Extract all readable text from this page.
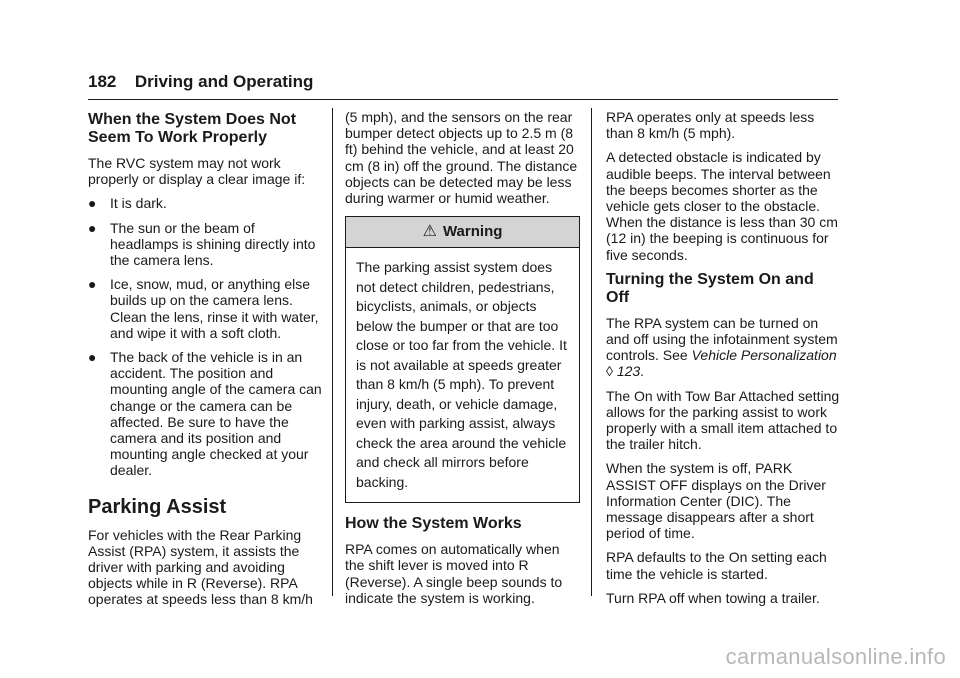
182 Driving and Operating
When the System Does Not Seem To Work Properly

The RVC system may not work properly or display a clear image if:

● It is dark.
● The sun or the beam of headlamps is shining directly into the camera lens.
● Ice, snow, mud, or anything else builds up on the camera lens. Clean the lens, rinse it with water, and wipe it with a soft cloth.
● The back of the vehicle is in an accident. The position and mounting angle of the camera can change or the camera can be affected. Be sure to have the camera and its position and mounting angle checked at your dealer.
Parking Assist

For vehicles with the Rear Parking Assist (RPA) system, it assists the driver with parking and avoiding objects while in R (Reverse). RPA operates at speeds less than 8 km/h

(5 mph), and the sensors on the rear bumper detect objects up to 2.5 m (8 ft) behind the vehicle, and at least 20 cm (8 in) off the ground. The distance objects can be detected may be less during warmer or humid weather.

⚠ Warning
The parking assist system does not detect children, pedestrians, bicyclists, animals, or objects below the bumper or that are too close or too far from the vehicle. It is not available at speeds greater than 8 km/h (5 mph). To prevent injury, death, or vehicle damage, even with parking assist, always check the area around the vehicle and check all mirrors before backing.
How the System Works

RPA comes on automatically when the shift lever is moved into R (Reverse). A single beep sounds to indicate the system is working.

RPA operates only at speeds less than 8 km/h (5 mph).

A detected obstacle is indicated by audible beeps. The interval between the beeps becomes shorter as the vehicle gets closer to the obstacle. When the distance is less than 30 cm (12 in) the beeping is continuous for five seconds.

Turning the System On and Off

The RPA system can be turned on and off using the infotainment system controls. See Vehicle Personalization ◊ 123.

The On with Tow Bar Attached setting allows for the parking assist to work properly with a small item attached to the trailer hitch.

When the system is off, PARK ASSIST OFF displays on the Driver Information Center (DIC). The message disappears after a short period of time.

RPA defaults to the On setting each time the vehicle is started.

Turn RPA off when towing a trailer.

carmanualsonline.info
